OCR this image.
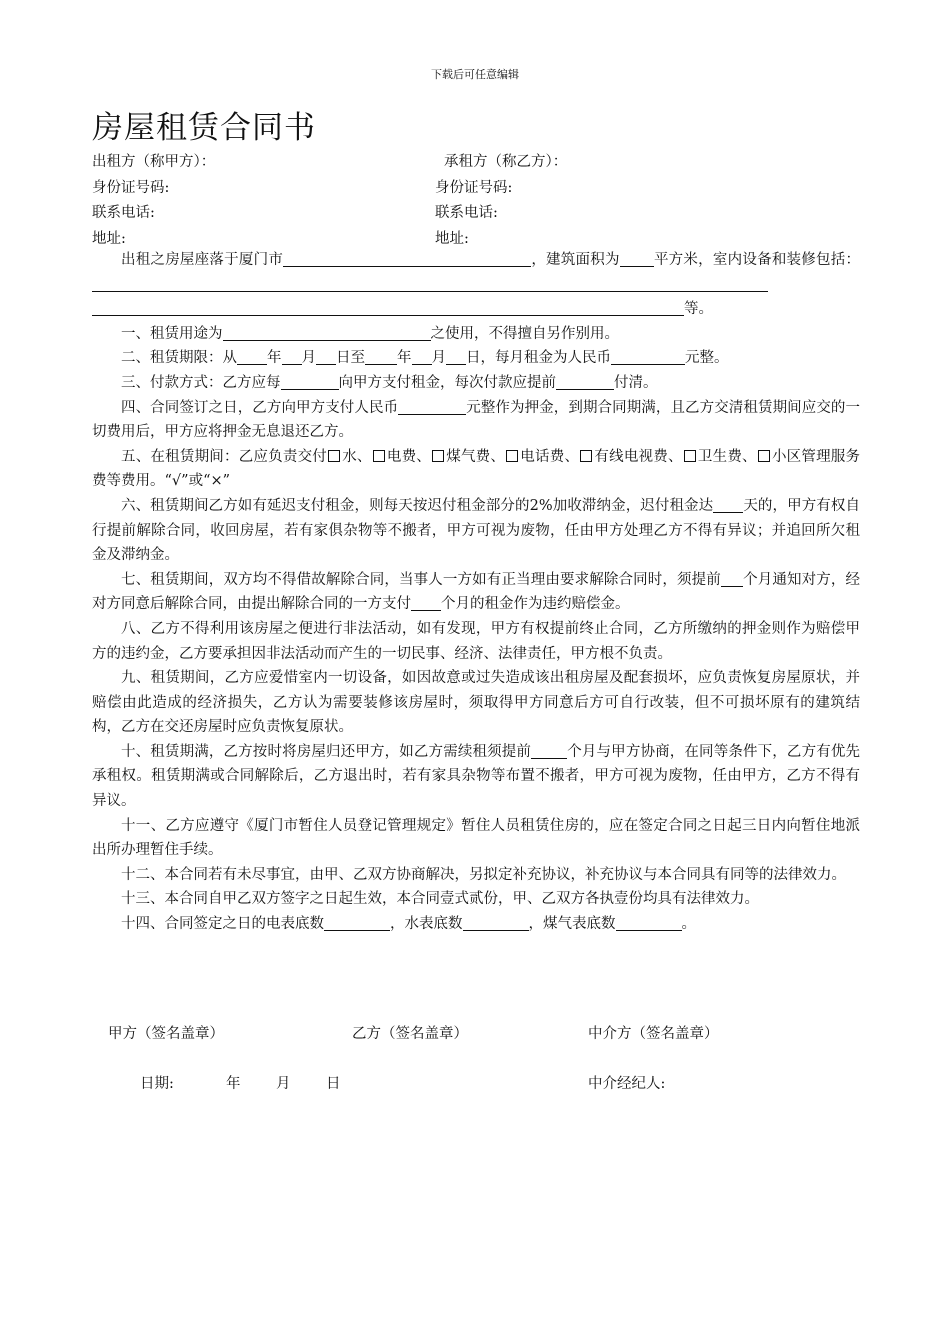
下载后可任意编辑
房屋租赁合同书
出租方（称甲方）：	承租方（称乙方）：
身份证号码:	身份证号码:
联系电话:	联系电话:
地址:	地址:

出租之房屋座落于厦门市	，建筑面积为 平方米，室内设备和装修包括：

等。

一、租赁用途为	之使用，不得擅自另作别用。

二、租赁期限：从 年 月 日至 年 月 日，每月租金为人民币	元整。

三、付款方式：乙方应每	向甲方支付租金，每次付款应提前	付清。

四、合同签订之日，乙方向甲方支付人民币	元整作为押金，到期合同期满，且乙方交清租赁期间应交的一切费用后，甲方应将押金无息退还乙方。

五、在租赁期间：乙应负责交付 水、 电费、 煤气费、 电话费、 有线电视费、 卫生费、 小区管理服务费等费用。“√”或“×”

六、租赁期间乙方如有延迟支付租金，则每天按迟付租金部分的2%加收滞纳金，迟付租金达 天的，甲方有权自行提前解除合同，收回房屋，若有家俱杂物等不搬者，甲方可视为废物，任由甲方处理乙方不得有异议；并追回所欠租金及滞纳金。

七、租赁期间，双方均不得借故解除合同，当事人一方如有正当理由要求解除合同时，须提前 个月通知对方，经对方同意后解除合同，由提出解除合同的一方支付 个月的租金作为违约赔偿金。

八、乙方不得利用该房屋之便进行非法活动，如有发现，甲方有权提前终止合同，乙方所缴纳的押金则作为赔偿甲方的违约金，乙方要承担因非法活动而产生的一切民事、经济、法律责任，甲方根不负责。

九、租赁期间，乙方应爱惜室内一切设备，如因故意或过失造成该出租房屋及配套损坏，应负责恢复房屋原状，并赔偿由此造成的经济损失，乙方认为需要装修该房屋时，须取得甲方同意后方可自行改装，但不可损坏原有的建筑结构，乙方在交还房屋时应负责恢复原状。

十、租赁期满，乙方按时将房屋归还甲方，如乙方需续租须提前 个月与甲方协商，在同等条件下，乙方有优先承租权。租赁期满或合同解除后，乙方退出时，若有家具杂物等布置不搬者，甲方可视为废物，任由甲方，乙方不得有异议。

十一、乙方应遵守《厦门市暂住人员登记管理规定》暂住人员租赁住房的，应在签定合同之日起三日内向暂住地派出所办理暂住手续。

十二、本合同若有未尽事宜，由甲、乙双方协商解决，另拟定补充协议，补充协议与本合同具有同等的法律效力。

十三、本合同自甲乙双方签字之日起生效，本合同壹式贰份，甲、乙双方各执壹份均具有法律效力。

十四、合同签定之日的电表底数	，水表底数	，煤气表底数	。

甲方（签名盖章）	乙方（签名盖章）	中介方（签名盖章）
日期:	年 月 日	中介经纪人:
